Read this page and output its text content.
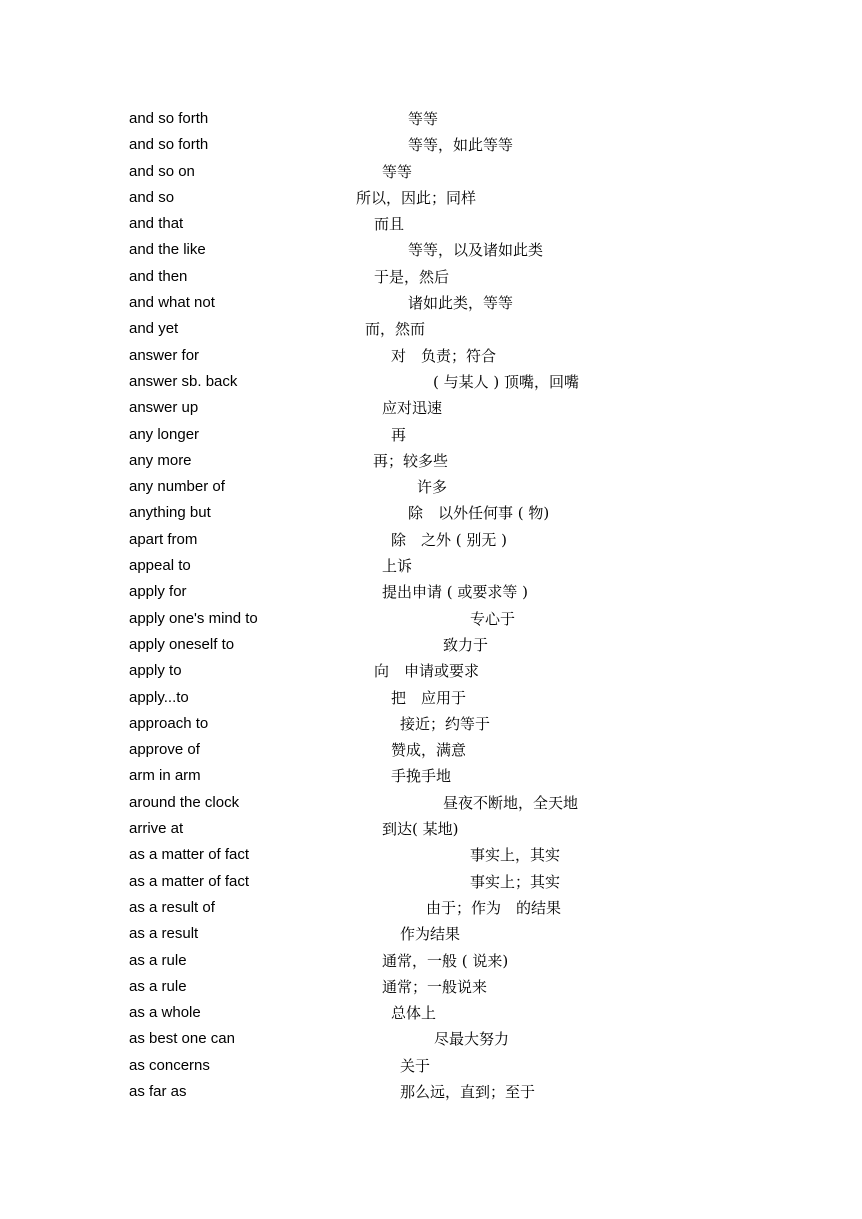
and so forth	等等
and so forth	等等，如此等等
and so on	等等
and so	所以，因此；同样
and that	而且
and the like	等等，以及诸如此类
and then	于是，然后
and what not	诸如此类，等等
and yet	而，然而
answer for	对　负责；符合
answer sb. back	( 与某人 ) 顶嘴，回嘴
answer up	应对迅速
any longer	再
any more	再；较多些
any number of	许多
anything but	除　以外任何事 ( 物)
apart from	除　之外 ( 别无 )
appeal to	上诉
apply for	提出申请 ( 或要求等 )
apply one's mind to	专心于
apply oneself to	致力于
apply to	向　申请或要求
apply...to	把　应用于
approach to	接近；约等于
approve of	赞成，满意
arm in arm	手挽手地
around the clock	昼夜不断地，全天地
arrive at	到达( 某地)
as a matter of fact	事实上，其实
as a matter of fact	事实上；其实
as a result of	由于；作为　的结果
as a result	作为结果
as a rule	通常，一般 ( 说来)
as a rule	通常；一般说来
as a whole	总体上
as best one can	尽最大努力
as concerns	关于
as far as	那么远，直到；至于
